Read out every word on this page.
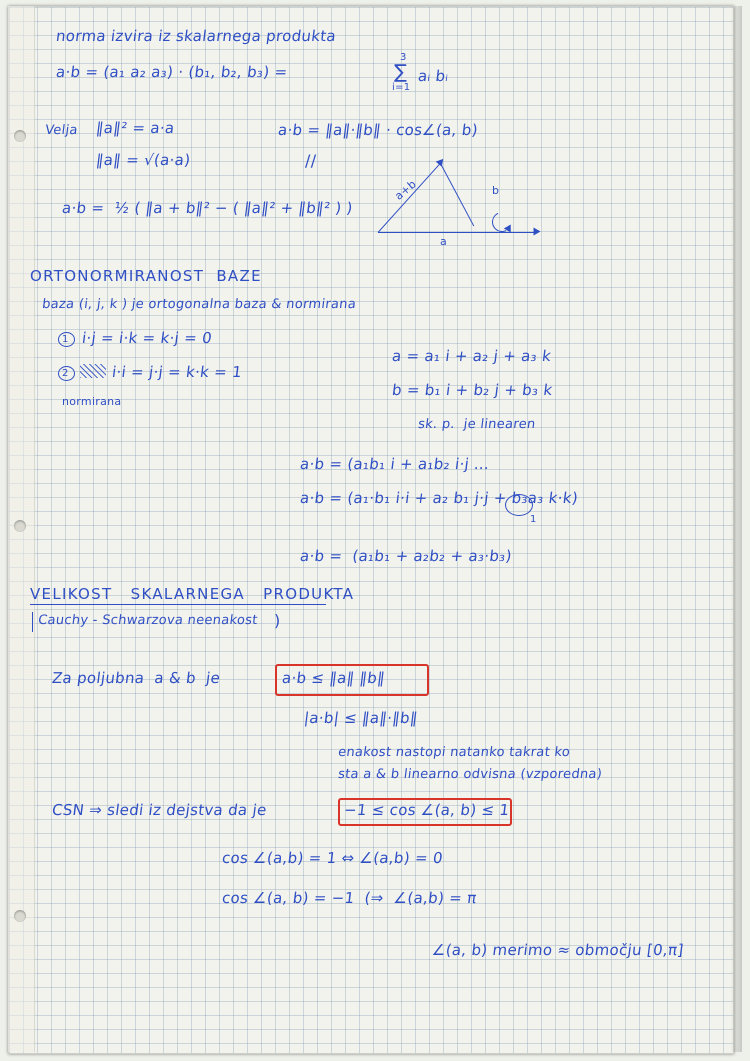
norma izvira iz skalarnega produkta
a·b = (a₁ a₂ a₃) · (b₁, b₂, b₃) =
3
∑
i=1
aᵢ bᵢ
Velja ‖a‖² = a·a
‖a‖ = √(a·a)
a·b = ‖a‖·‖b‖ · cos∠(a, b)
//
a·b =  ½ ( ‖a + b‖² − ( ‖a‖² + ‖b‖² ) )
a+b	b
a
ORTONORMIRANOST  BAZE
baza (i, j, k ) je ortogonalna baza & normirana
1 i·j = i·k = k·j = 0
2	i·i = j·j = k·k = 1
normirana
a = a₁ i + a₂ j + a₃ k
b = b₁ i + b₂ j + b₃ k
sk. p.  je linearen
a·b = (a₁b₁ i + a₁b₂ i·j …
a·b = (a₁·b₁ i·i + a₂ b₁ j·j + b₃a₃ k·k)
1
a·b =  (a₁b₁ + a₂b₂ + a₃·b₃)
VELIKOST   SKALARNEGA   PRODUKTA
Cauchy - Schwarzova neenakost )
Za poljubna  a & b  je	a·b ≤ ‖a‖ ‖b‖
|a·b| ≤ ‖a‖·‖b‖
enakost nastopi natanko takrat ko
sta a & b linearno odvisna (vzporedna)
CSN ⇒ sledi iz dejstva da je	−1 ≤ cos ∠(a, b) ≤ 1
cos ∠(a,b) = 1 ⇔ ∠(a,b) = 0
cos ∠(a, b) = −1  (⇒  ∠(a,b) = π
∠(a, b) merimo ≈ območju [0,π]
